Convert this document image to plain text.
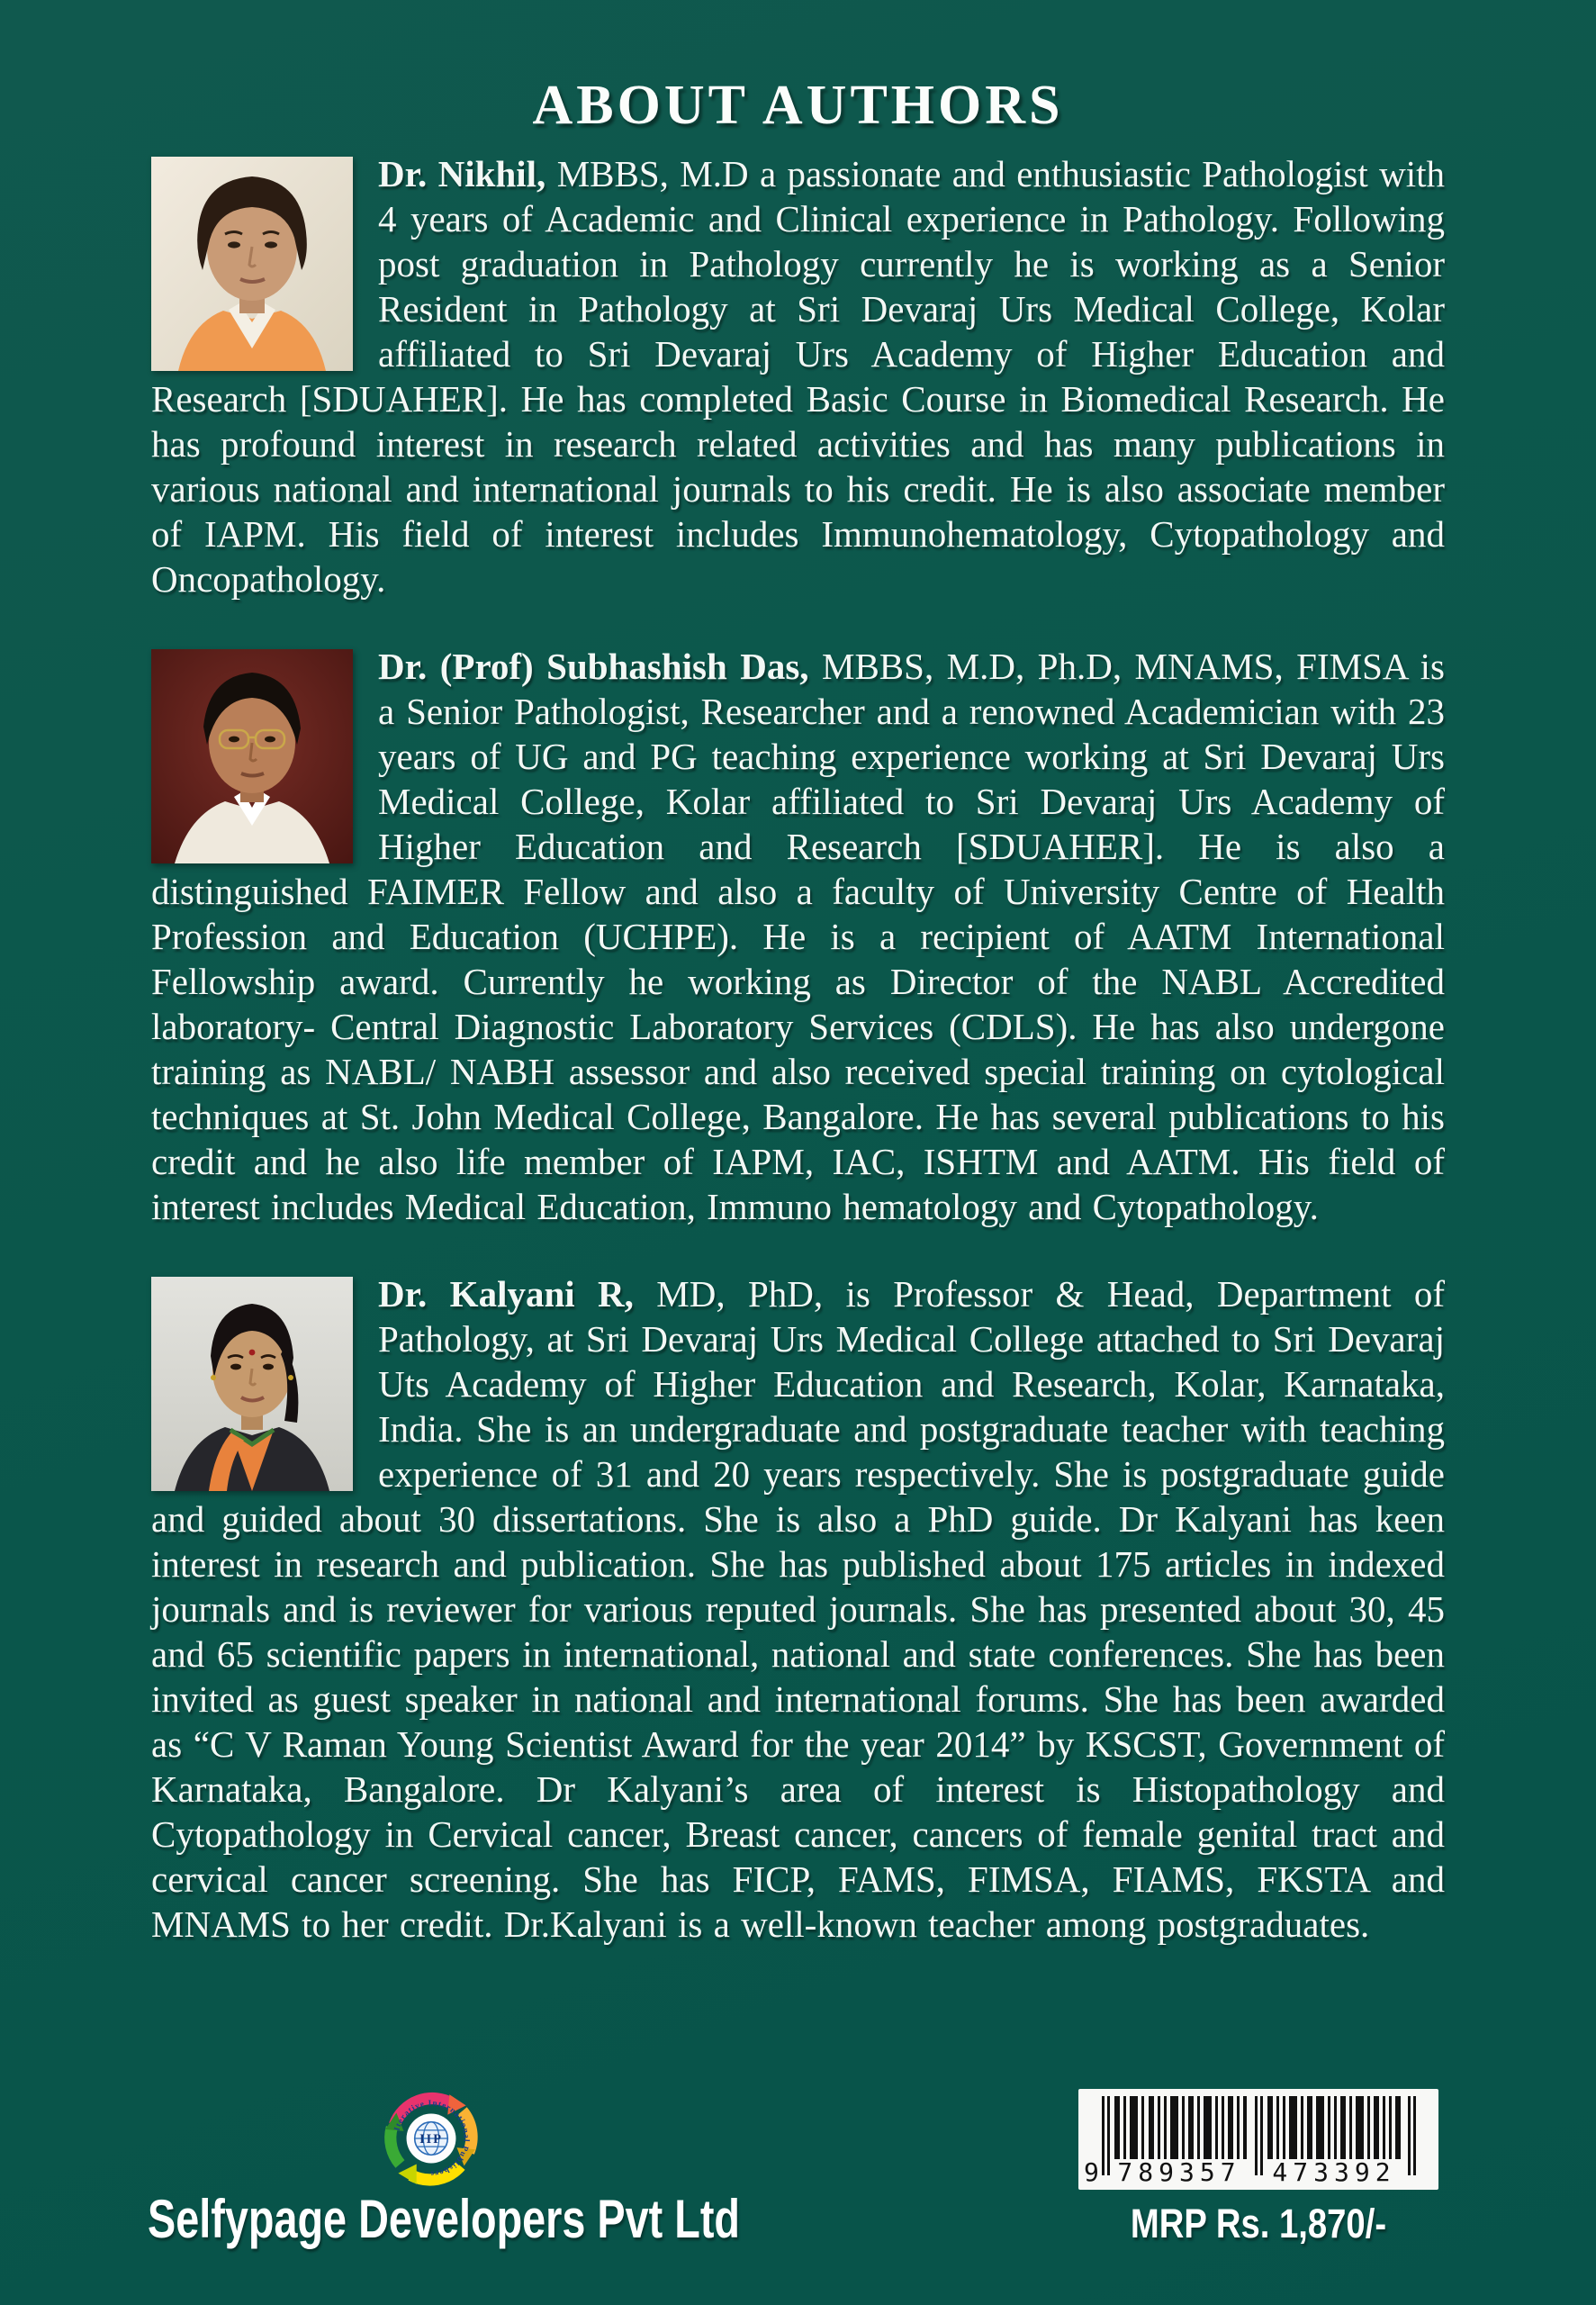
ABOUT AUTHORS

Dr. Nikhil, MBBS, M.D a passionate and enthusiastic Pathologist with 4 years of Academic and Clinical experience in Pathology. Following post graduation in Pathology currently he is working as a Senior Resident in Pathology at Sri Devaraj Urs Medical College, Kolar affiliated to Sri Devaraj Urs Academy of Higher Education and Research [SDUAHER]. He has completed Basic Course in Biomedical Research. He has profound interest in research related activities and has many publications in various national and international journals to his credit. He is also associate member of IAPM. His field of interest includes Immunohematology, Cytopathology and Oncopathology.

Dr. (Prof) Subhashish Das, MBBS, M.D, Ph.D, MNAMS, FIMSA is a Senior Pathologist, Researcher and a renowned Academician with 23 years of UG and PG teaching experience working at Sri Devaraj Urs Medical College, Kolar affiliated to Sri Devaraj Urs Academy of Higher Education and Research [SDUAHER]. He is also a distinguished FAIMER Fellow and also a faculty of University Centre of Health Profession and Education (UCHPE). He is a recipient of AATM International Fellowship award. Currently he working as Director of the NABL Accredited laboratory- Central Diagnostic Laboratory Services (CDLS). He has also undergone training as NABL/ NABH assessor and also received special training on cytological techniques at St. John Medical College, Bangalore. He has several publications to his credit and he also life member of IAPM, IAC, ISHTM and AATM. His field of interest includes Medical Education, Immuno hematology and Cytopathology.

Dr. Kalyani R, MD, PhD, is Professor & Head, Department of Pathology, at Sri Devaraj Urs Medical College attached to Sri Devaraj Uts Academy of Higher Education and Research, Kolar, Karnataka, India. She is an undergraduate and postgraduate teacher with teaching experience of 31 and 20 years respectively. She is postgraduate guide and guided about 30 dissertations. She is also a PhD guide. Dr Kalyani has keen interest in research and publication. She has published about 175 articles in indexed journals and is reviewer for various reputed journals. She has presented about 30, 45 and 65 scientific papers in international, national and state conferences. She has been invited as guest speaker in national and international forums. She has been awarded as “C V Raman Young Scientist Award for the year 2014” by KSCST, Government of Karnataka, Bangalore. Dr Kalyani’s area of interest is Histopathology and Cytopathology in Cervical cancer, Breast cancer, cancers of female genital tract and cervical cancer screening. She has FICP, FAMS, FIMSA, FIAMS, FKSTA and MNAMS to her credit. Dr.Kalyani is a well-known teacher among postgraduates.

Iterative International Publishers
IIP
Selfypage Developers Pvt Ltd
9 789357 473392
MRP Rs. 1,870/-
